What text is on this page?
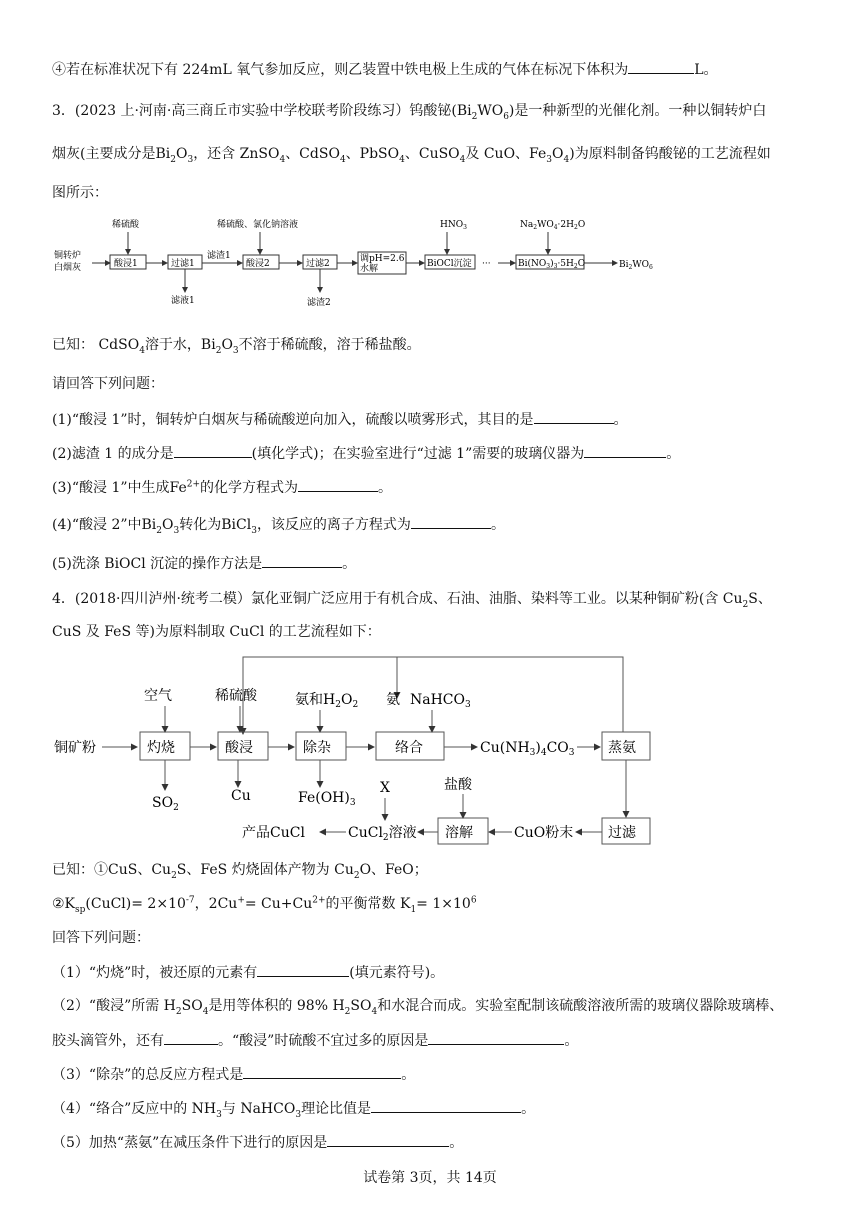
④若在标准状况下有 224mL 氧气参加反应，则乙装置中铁电极上生成的气体在标况下体积为	L。
3．(2023 上·河南·高三商丘市实验中学校联考阶段练习）钨酸铋$(Bi_2WO_6)$是一种新型的光催化剂。一种以铜转炉白
烟灰(主要成分是$Bi_2O_3$，还含 ZnSO$_4$、CdSO$_4$、PbSO$_4$、CuSO$_4$及 CuO、$Fe_3O_4$)为原料制备钨酸铋的工艺流程如
图所示：
铜转炉
白烟灰
稀硫酸
酸浸1	过滤1
滤液1
滤渣1
稀硫酸、氯化钠溶液
酸浸2	过滤2
滤渣2
调pH=2.6
水解
$HNO_3$
BiOCl沉淀 ···
$Na_2WO_4\cdot 2H_2O$
$Bi(NO_3)_3\cdot 5H_2O$	$Bi_2WO_6$
已知： CdSO$_4$溶于水，$Bi_2O_3$不溶于稀硫酸，溶于稀盐酸。
请回答下列问题：
(1)“酸浸 1”时，铜转炉白烟灰与稀硫酸逆向加入，硫酸以喷雾形式，其目的是	。
(2)滤渣 1 的成分是	(填化学式)；在实验室进行“过滤 1”需要的玻璃仪器为	。
(3)“酸浸 1”中生成$Fe^{2+}$的化学方程式为	。
(4)“酸浸 2”中$Bi_2O_3$转化为BiCl$_3$，该反应的离子方程式为	。
(5)洗涤 BiOCl 沉淀的操作方法是	。
4．(2018·四川泸州·统考二模）氯化亚铜广泛应用于有机合成、石油、油脂、染料等工业。以某种铜矿粉(含 $Cu_2S$、
CuS 及 FeS 等)为原料制取 CuCl 的工艺流程如下：
铜矿粉
空气
灼烧
$SO_2$
稀硫酸
酸浸
Cu
氨和$H_2O_2$
除杂
$Fe(OH)_3$
氨 NaHCO$_3$
络合	$Cu(NH_3)_4CO_3$ 蒸氨
过滤
CuO粉末
盐酸
溶解
X
CuCl$_2$溶液
产品CuCl
已知：①CuS、$Cu_2S$、FeS 灼烧固体产物为 $Cu_2O$、FeO；
$②K_{sp}(CuCl)= 2\times 10^{-7}$，$2Cu^+= Cu+Cu^{2+}$的平衡常数 $K_1= 1\times 10^6$
回答下列问题：
（1）“灼烧”时，被还原的元素有	(填元素符号)。
（2）“酸浸”所需 $H_2SO_4$是用等体积的 98% $H_2SO_4$和水混合而成。实验室配制该硫酸溶液所需的玻璃仪器除玻璃棒、
胶头滴管外，还有	。“酸浸”时硫酸不宜过多的原因是	。
（3）“除杂”的总反应方程式是	。
（4）“络合”反应中的 $NH_3$与 NaHCO$_3$理论比值是	。
（5）加热“蒸氨”在减压条件下进行的原因是	。
试卷第 3页，共 14页
